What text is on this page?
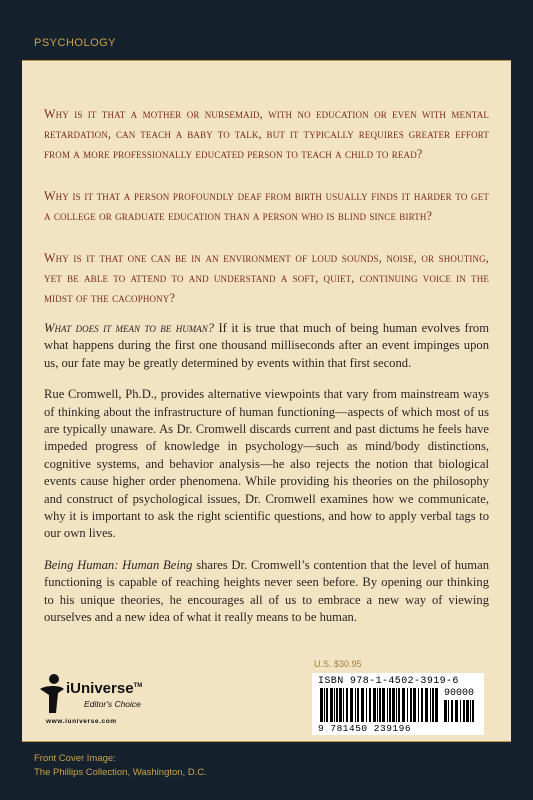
PSYCHOLOGY

Why is it that a mother or nursemaid, with no education or even with mental retardation, can teach a baby to talk, but it typically requires greater effort from a more professionally educated person to teach a child to read?

Why is it that a person profoundly deaf from birth usually finds it harder to get a college or graduate education than a person who is blind since birth?

Why is it that one can be in an environment of loud sounds, noise, or shouting, yet be able to attend to and understand a soft, quiet, continuing voice in the midst of the cacophony?

What does it mean to be human? If it is true that much of being human evolves from what happens during the first one thousand milliseconds after an event impinges upon us, our fate may be greatly determined by events within that first second.

Rue Cromwell, Ph.D., provides alternative viewpoints that vary from mainstream ways of thinking about the infrastructure of human functioning—aspects of which most of us are typically unaware. As Dr. Cromwell discards current and past dictums he feels have impeded progress of knowledge in psychology—such as mind/body distinctions, cognitive systems, and behavior analysis—he also rejects the notion that biological events cause higher order phenomena. While providing his theories on the philosophy and construct of psychological issues, Dr. Cromwell examines how we communicate, why it is important to ask the right scientific questions, and how to apply verbal tags to our own lives.

Being Human: Human Being shares Dr. Cromwell’s contention that the level of human functioning is capable of reaching heights never seen before. By opening our thinking to his unique theories, he encourages all of us to embrace a new way of viewing ourselves and a new idea of what it really means to be human.

iUniverse™
Editor's Choice
www.iuniverse.com
U.S. $30.95
ISBN 978-1-4502-3919-6
90000
9 781450 239196
Front Cover Image:
The Phillips Collection, Washington, D.C.
